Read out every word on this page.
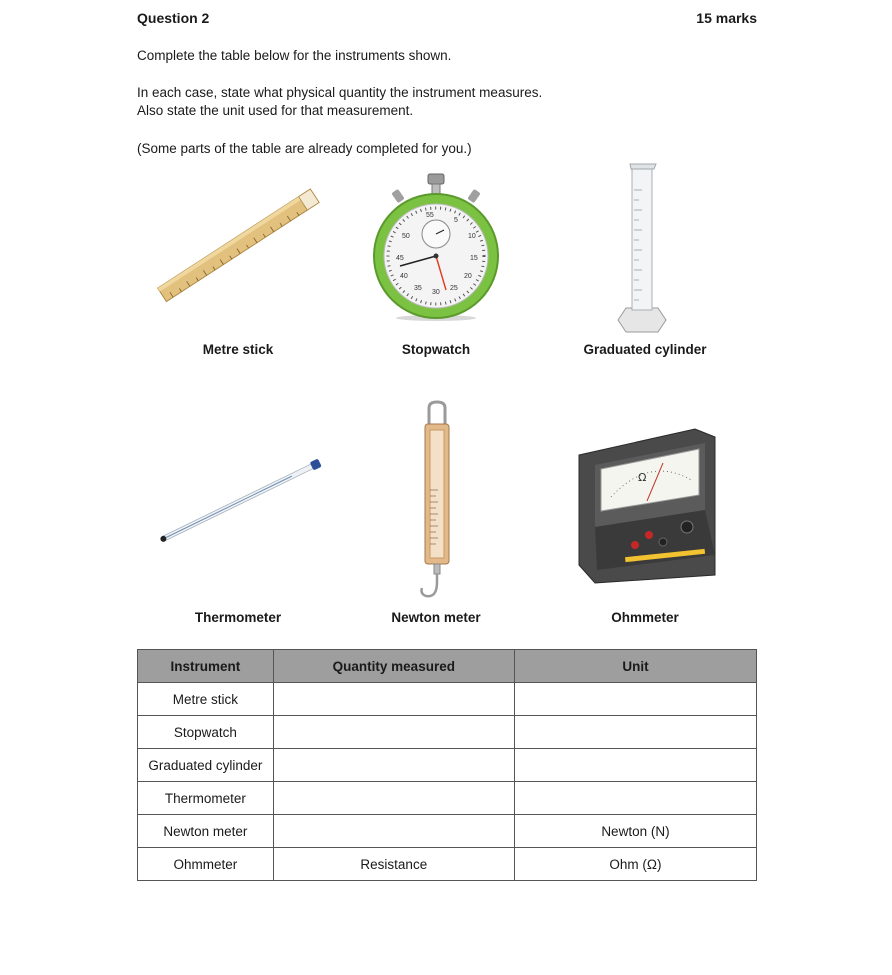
Question 2	15 marks
Complete the table below for the instruments shown.
In each case, state what physical quantity the instrument measures.
Also state the unit used for that measurement.
(Some parts of the table are already completed for you.)
Metre stick
55
5
10
15
20
25
30
35
40
45
50
Stopwatch	Graduated cylinder
Thermometer	Newton meter
Ω
Ohmmeter
Instrument	Quantity measured	Unit
Metre stick		
Stopwatch		
Graduated cylinder		
Thermometer		
Newton meter		Newton (N)
Ohmmeter	Resistance	Ohm (Ω)
